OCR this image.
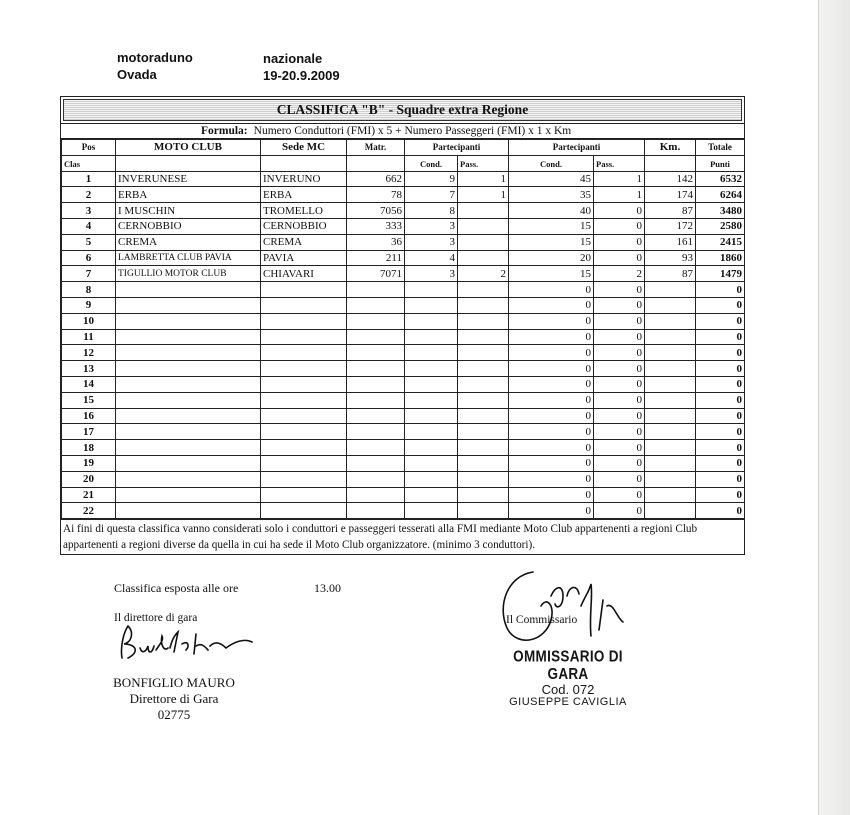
motoraduno
Ovada
nazionale
19-20.9.2009
CLASSIFICA "B" - Squadre extra Regione
Formula: Numero Conduttori (FMI) x 5 + Numero Passeggeri (FMI) x 1 x Km
Pos	MOTO CLUB	Sede MC	Matr.	Partecipanti		Partecipanti		Km.	Totale
Clas				Cond.	Pass.	Cond.	Pass.		Punti
1	INVERUNESE	INVERUNO	662	9	1	45	1	142	6532
2	ERBA	ERBA	78	7	1	35	1	174	6264
3	I MUSCHIN	TROMELLO	7056	8		40	0	87	3480
4	CERNOBBIO	CERNOBBIO	333	3		15	0	172	2580
5	CREMA	CREMA	36	3		15	0	161	2415
6	LAMBRETTA CLUB PAVIA	PAVIA	211	4		20	0	93	1860
7	TIGULLIO MOTOR CLUB	CHIAVARI	7071	3	2	15	2	87	1479
8						0	0		0
9						0	0		0
10						0	0		0
11						0	0		0
12						0	0		0
13						0	0		0
14						0	0		0
15						0	0		0
16						0	0		0
17						0	0		0
18						0	0		0
19						0	0		0
20						0	0		0
21						0	0		0
22						0	0		0
Ai fini di questa classifica vanno considerati solo i conduttori e passeggeri tesserati alla FMI mediante Moto Club appartenenti a regioni Club appartenenti a regioni diverse da quella in cui ha sede il Moto Club organizzatore. (minimo 3 conduttori).
Classifica esposta alle ore	13.00
Il direttore di gara
BONFIGLIO MAURO
Direttore di Gara
02775
Il Commissario
OMMISSARIO DI GARA
Cod. 072
GIUSEPPE CAVIGLIA
